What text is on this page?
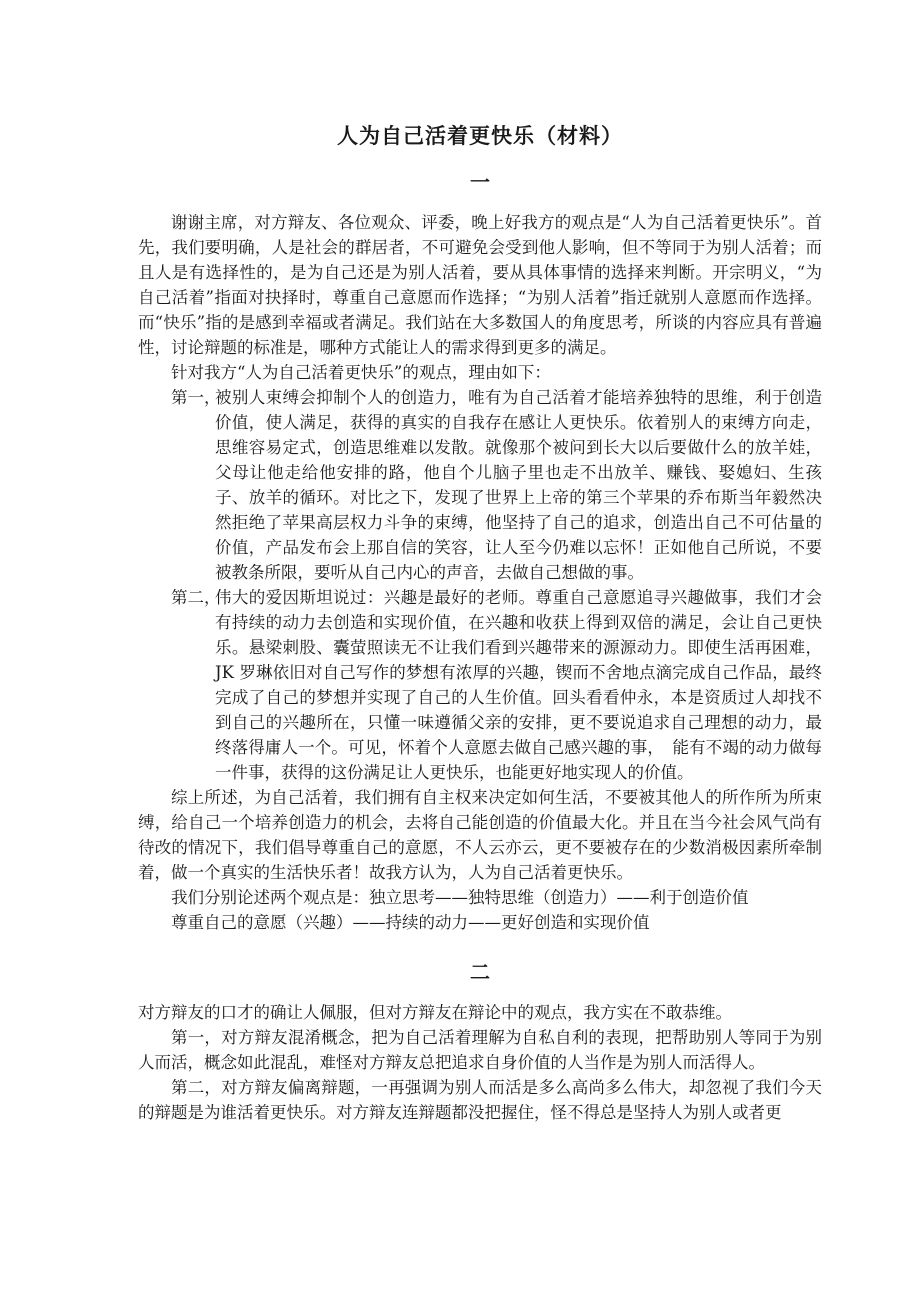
人为自己活着更快乐（材料）
一

谢谢主席，对方辩友、各位观众、评委，晚上好我方的观点是“人为自己活着更快乐”。首先，我们要明确，人是社会的群居者，不可避免会受到他人影响，但不等同于为别人活着；而且人是有选择性的，是为自己还是为别人活着，要从具体事情的选择来判断。开宗明义，“为自己活着”指面对抉择时，尊重自己意愿而作选择；“为别人活着”指迁就别人意愿而作选择。而“快乐”指的是感到幸福或者满足。我们站在大多数国人的角度思考，所谈的内容应具有普遍性，讨论辩题的标准是，哪种方式能让人的需求得到更多的满足。

针对我方“人为自己活着更快乐”的观点，理由如下：

第一，
被别人束缚会抑制个人的创造力，唯有为自己活着才能培养独特的思维，利于创造价值，使人满足，获得的真实的自我存在感让人更快乐。依着别人的束缚方向走，思维容易定式，创造思维难以发散。就像那个被问到长大以后要做什么的放羊娃，父母让他走给他安排的路，他自个儿脑子里也走不出放羊、赚钱、娶媳妇、生孩子、放羊的循环。对比之下，发现了世界上上帝的第三个苹果的乔布斯当年毅然决然拒绝了苹果高层权力斗争的束缚，他坚持了自己的追求，创造出自己不可估量的价值，产品发布会上那自信的笑容，让人至今仍难以忘怀！正如他自己所说，不要被教条所限，要听从自己内心的声音，去做自己想做的事。
第二，
伟大的爱因斯坦说过：兴趣是最好的老师。尊重自己意愿追寻兴趣做事，我们才会有持续的动力去创造和实现价值，在兴趣和收获上得到双倍的满足，会让自己更快乐。悬梁刺股、囊萤照读无不让我们看到兴趣带来的源源动力。即使生活再困难，JK 罗琳依旧对自己写作的梦想有浓厚的兴趣，锲而不舍地点滴完成自己作品，最终完成了自己的梦想并实现了自己的人生价值。回头看看仲永，本是资质过人却找不到自己的兴趣所在，只懂一味遵循父亲的安排，更不要说追求自己理想的动力，最终落得庸人一个。可见，怀着个人意愿去做自己感兴趣的事，　能有不竭的动力做每一件事，获得的这份满足让人更快乐，也能更好地实现人的价值。

综上所述，为自己活着，我们拥有自主权来决定如何生活，不要被其他人的所作所为所束缚，给自己一个培养创造力的机会，去将自己能创造的价值最大化。并且在当今社会风气尚有待改的情况下，我们倡导尊重自己的意愿，不人云亦云，更不要被存在的少数消极因素所牵制着，做一个真实的生活快乐者！故我方认为，人为自己活着更快乐。

我们分别论述两个观点是：独立思考——独特思维（创造力）——利于创造价值

尊重自己的意愿（兴趣）——持续的动力——更好创造和实现价值

二

对方辩友的口才的确让人佩服，但对方辩友在辩论中的观点，我方实在不敢恭维。

第一，对方辩友混淆概念，把为自己活着理解为自私自利的表现，把帮助别人等同于为别人而活，概念如此混乱，难怪对方辩友总把追求自身价值的人当作是为别人而活得人。

第二，对方辩友偏离辩题，一再强调为别人而活是多么高尚多么伟大，却忽视了我们今天的辩题是为谁活着更快乐。对方辩友连辩题都没把握住，怪不得总是坚持人为别人或者更
